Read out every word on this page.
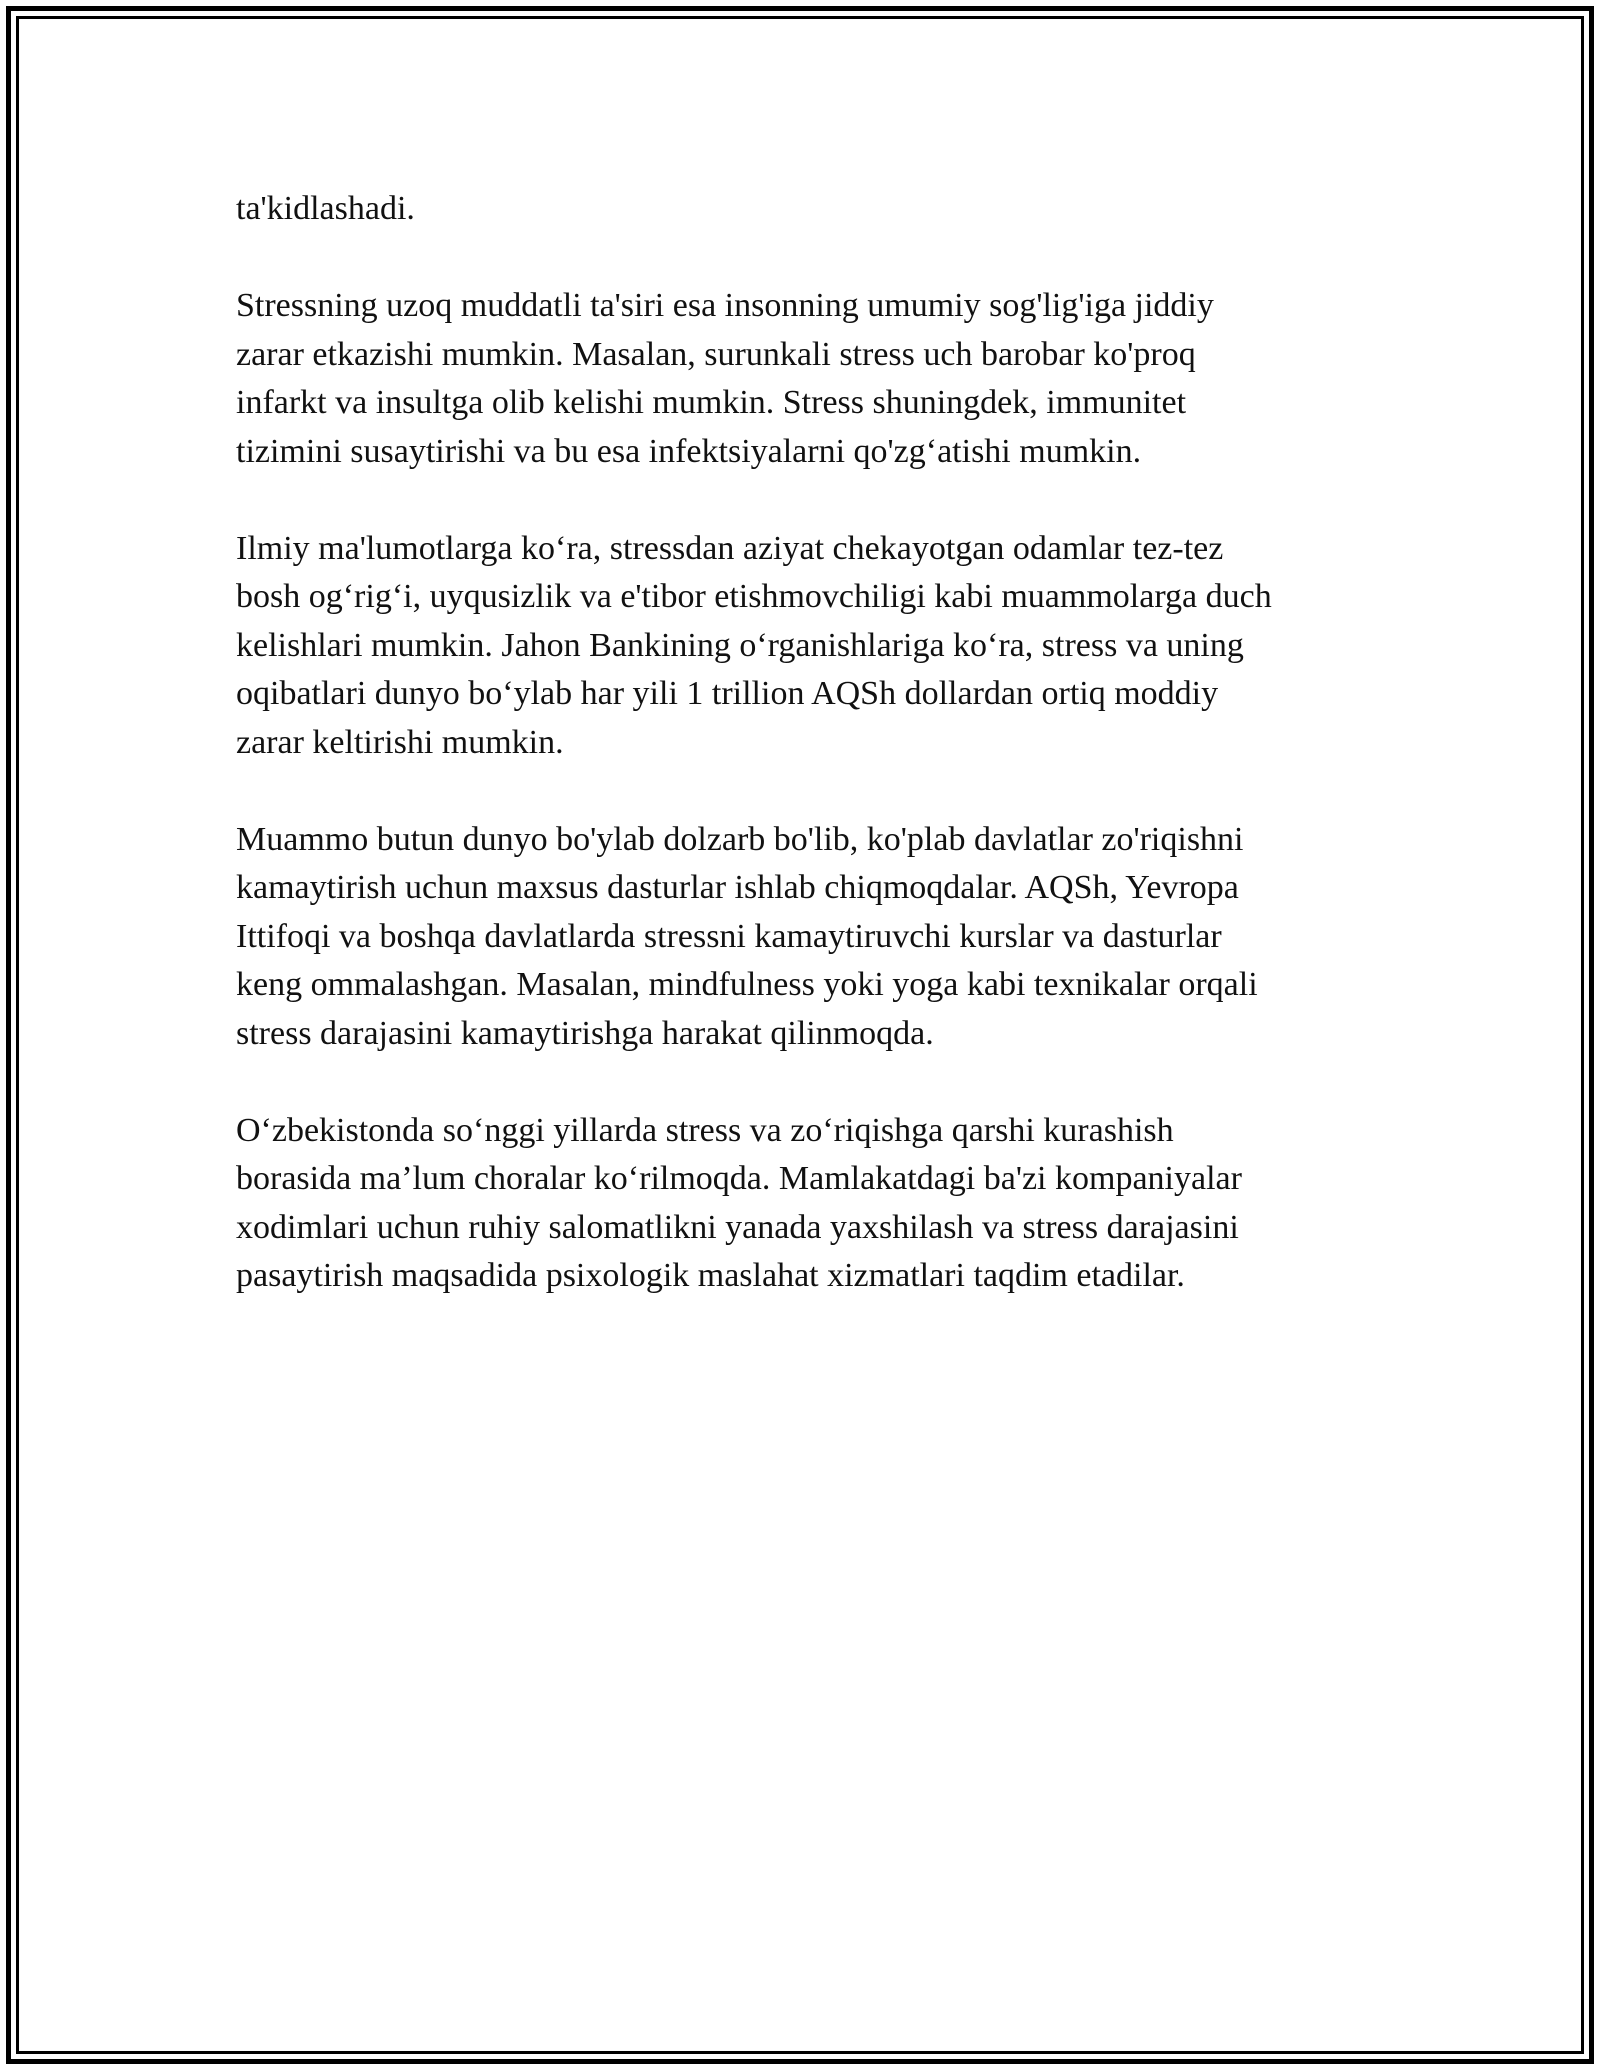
ta'kidlashadi.

Stressning uzoq muddatli ta'siri esa insonning umumiy sog'lig'iga jiddiy
zarar etkazishi mumkin. Masalan, surunkali stress uch barobar ko'proq
infarkt va insultga olib kelishi mumkin. Stress shuningdek, immunitet
tizimini susaytirishi va bu esa infektsiyalarni qo'zg‘atishi mumkin.

Ilmiy ma'lumotlarga ko‘ra, stressdan aziyat chekayotgan odamlar tez-tez
bosh og‘rig‘i, uyqusizlik va e'tibor etishmovchiligi kabi muammolarga duch
kelishlari mumkin. Jahon Bankining o‘rganishlariga ko‘ra, stress va uning
oqibatlari dunyo bo‘ylab har yili 1 trillion AQSh dollardan ortiq moddiy
zarar keltirishi mumkin.

Muammo butun dunyo bo'ylab dolzarb bo'lib, ko'plab davlatlar zo'riqishni
kamaytirish uchun maxsus dasturlar ishlab chiqmoqdalar. AQSh, Yevropa
Ittifoqi va boshqa davlatlarda stressni kamaytiruvchi kurslar va dasturlar
keng ommalashgan. Masalan, mindfulness yoki yoga kabi texnikalar orqali
stress darajasini kamaytirishga harakat qilinmoqda.

O‘zbekistonda so‘nggi yillarda stress va zo‘riqishga qarshi kurashish
borasida ma’lum choralar ko‘rilmoqda. Mamlakatdagi ba'zi kompaniyalar
xodimlari uchun ruhiy salomatlikni yanada yaxshilash va stress darajasini
pasaytirish maqsadida psixologik maslahat xizmatlari taqdim etadilar.
